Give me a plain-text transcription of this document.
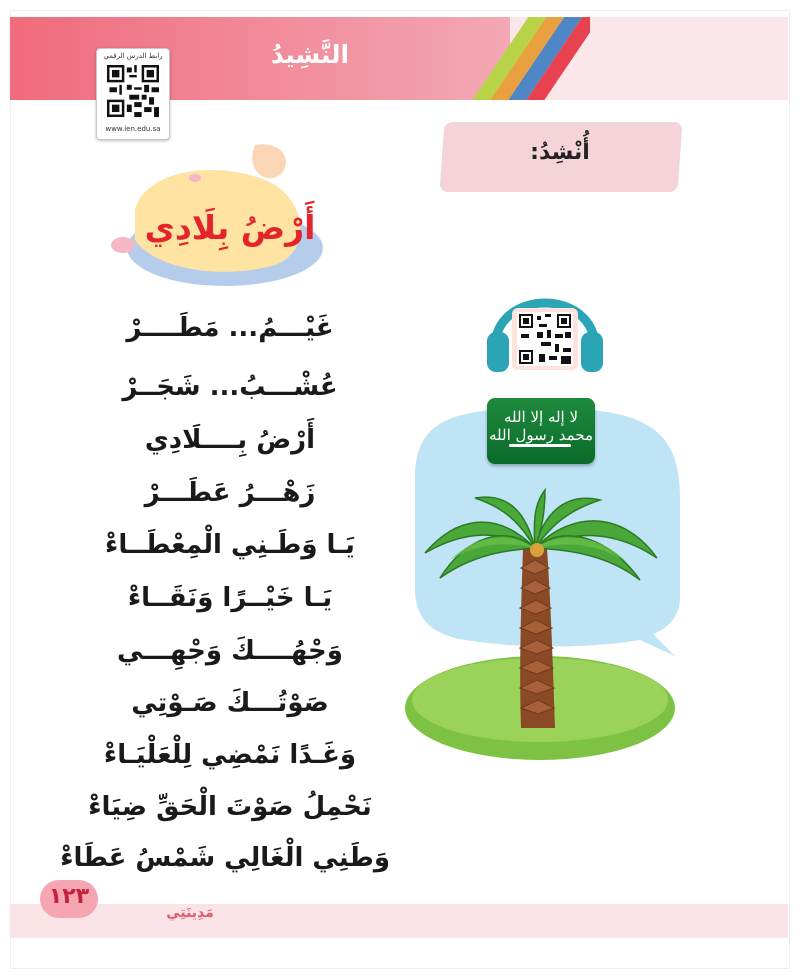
النَّشِيدُ
رابط الدرس الرقمي
www.ien.edu.sa
أُنْشِدُ:
أَرْضُ بِلَادِي
غَيْـــمُ... مَطَــــرْ
عُشْـــبُ... شَجَــرْ
أَرْضُ بِــــلَادِي
زَهْـــرُ عَطَـــرْ
يَـا وَطَـنِي الْمِعْطَــاءْ
يَـا خَيْــرًا وَنَقَــاءْ
وَجْهُــــكَ وَجْهِـــي
صَوْتُـــكَ صَـوْتِي
وَغَـدًا نَمْضِي لِلْعَلْيَـاءْ
نَحْمِلُ صَوْتَ الْحَقِّ ضِيَاءْ
وَطَنِي الْغَالِي شَمْسُ عَطَاءْ
لا إله إلا الله محمد رسول الله
١٢٣
مَدِينَتِي
